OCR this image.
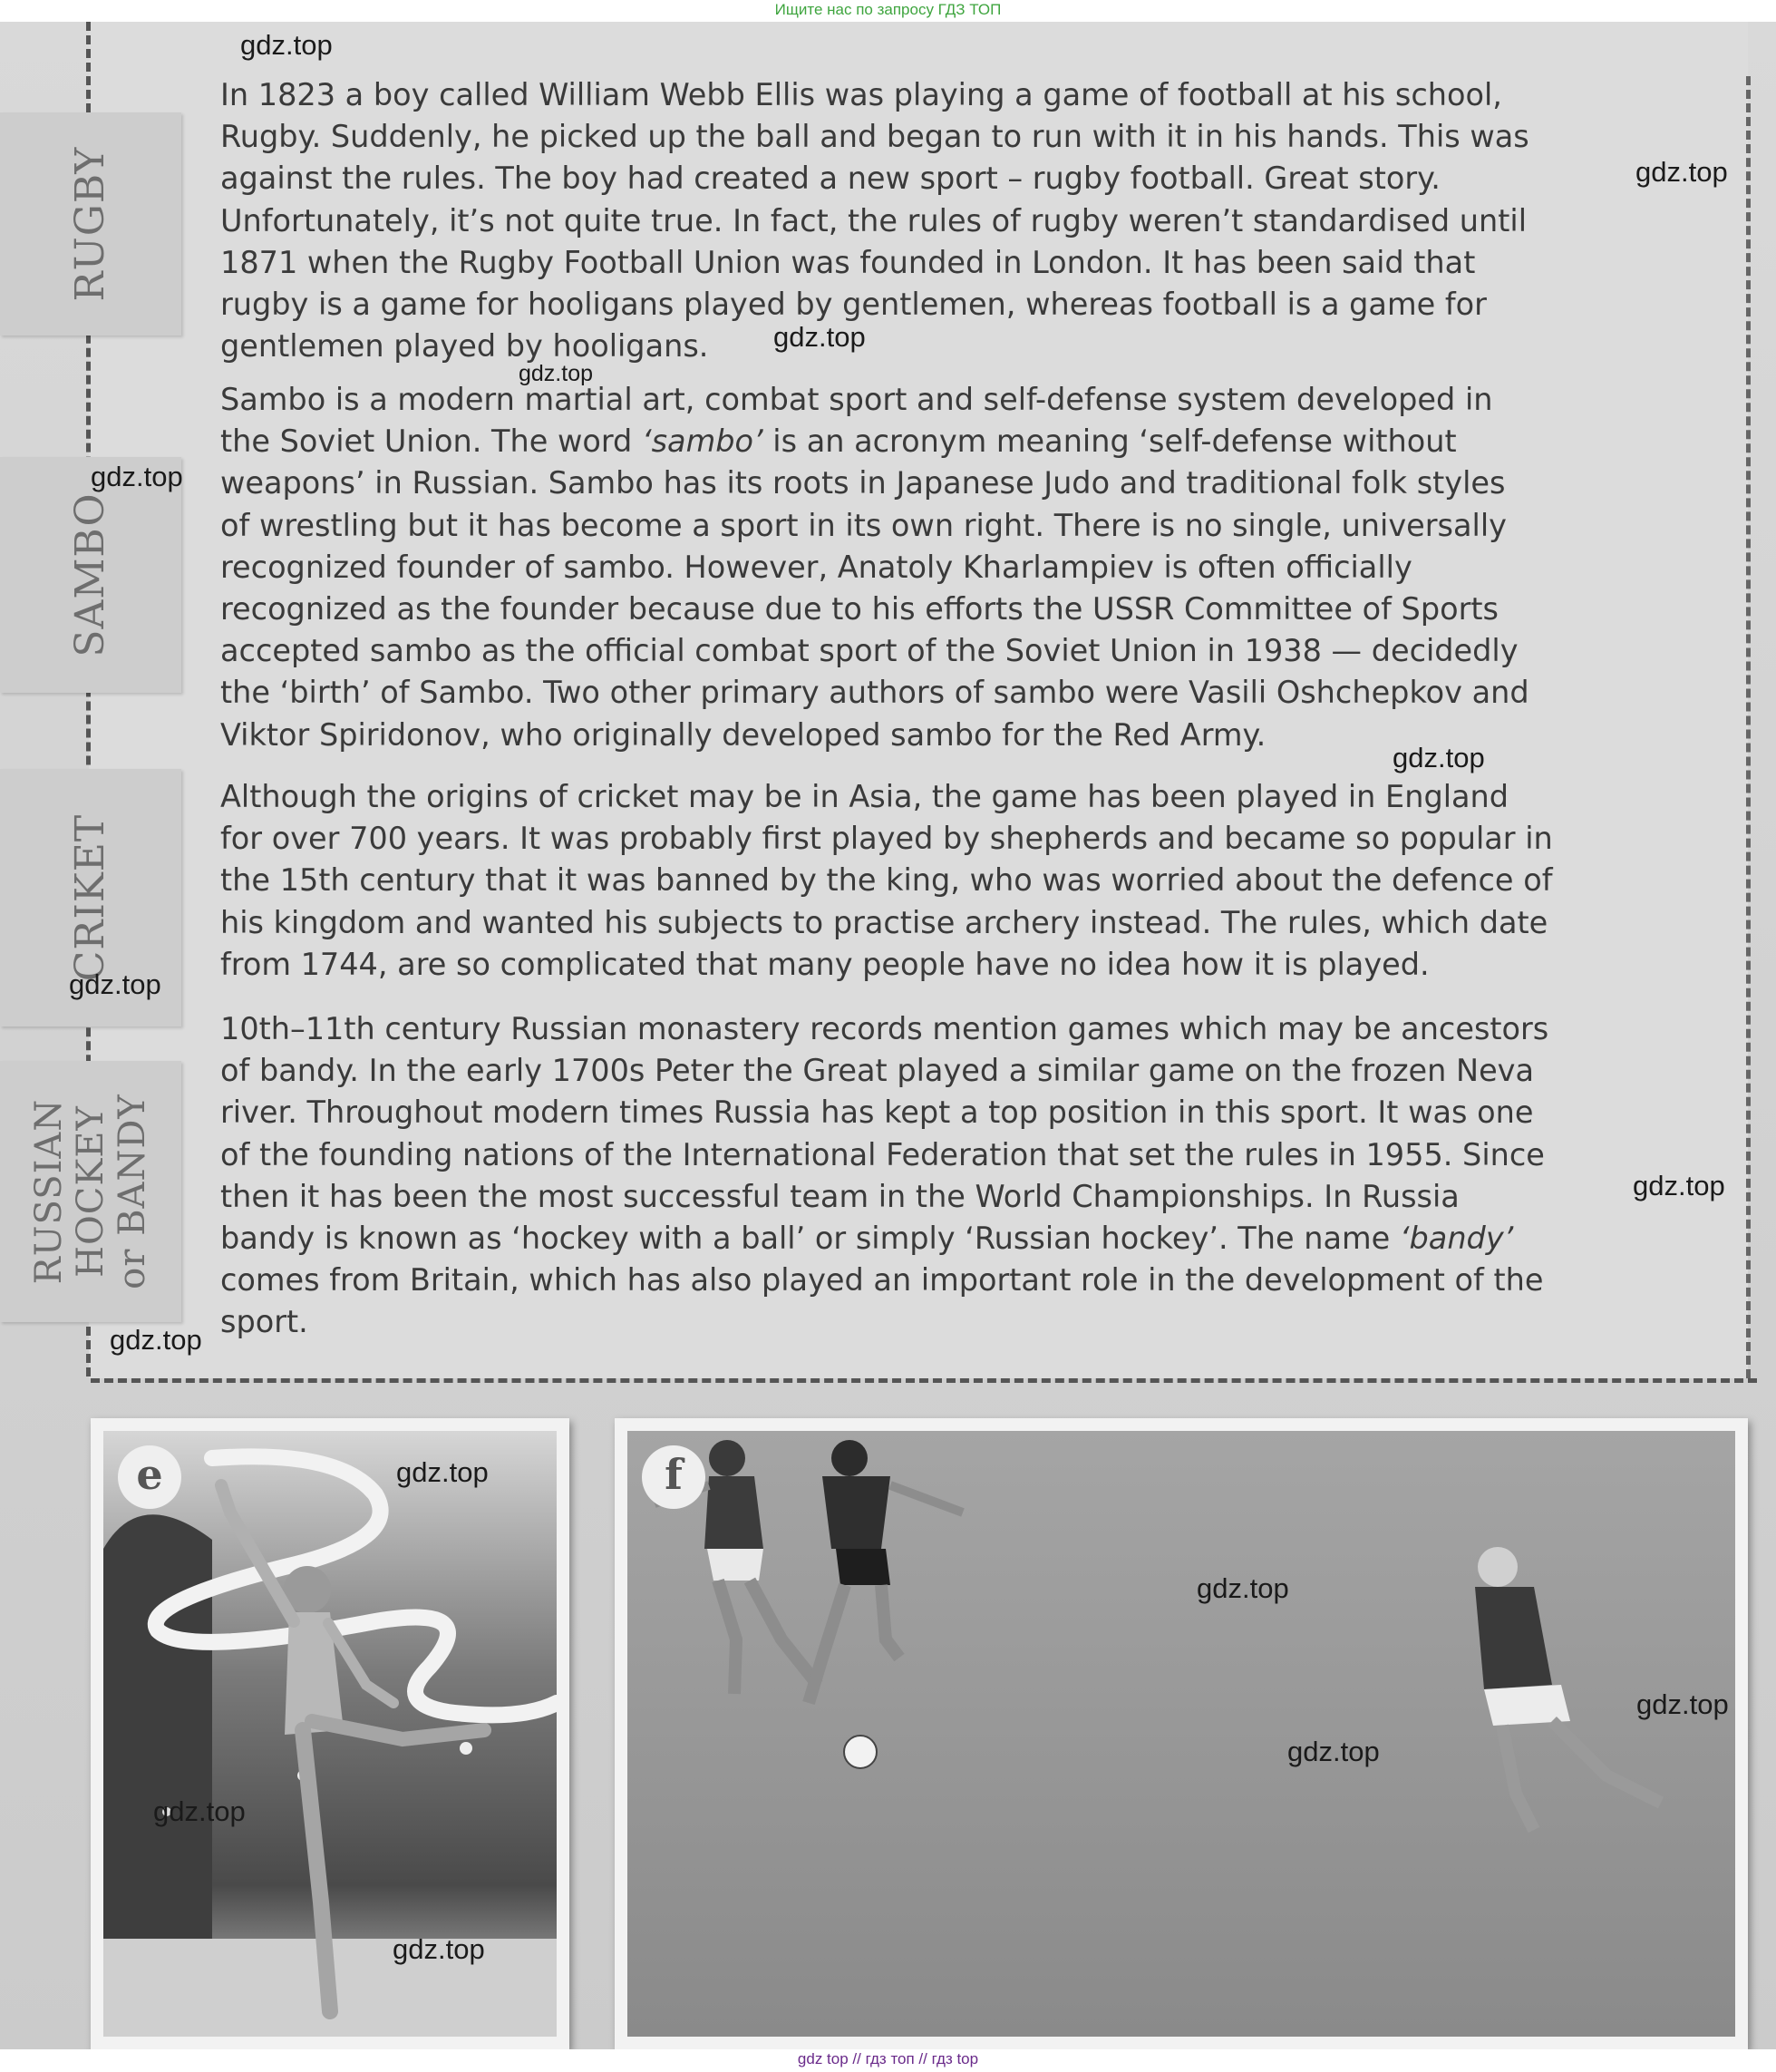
Ищите нас по запросу ГДЗ ТОП
RUGBY
SAMBO
CRIKET
RUSSIAN HOCKEY or BANDY

In 1823 a boy called William Webb Ellis was playing a game of football at his school,
Rugby. Suddenly, he picked up the ball and began to run with it in his hands. This was
against the rules. The boy had created a new sport – rugby football. Great story.
Unfortunately, it’s not quite true. In fact, the rules of rugby weren’t standardised until
1871 when the Rugby Football Union was founded in London. It has been said that
rugby is a game for hooligans played by gentlemen, whereas football is a game for
gentlemen played by hooligans.

Sambo is a modern martial art, combat sport and self-defense system developed in
the Soviet Union. The word ‘sambo’ is an acronym meaning ‘self-defense without
weapons’ in Russian. Sambo has its roots in Japanese Judo and traditional folk styles
of wrestling but it has become a sport in its own right. There is no single, universally
recognized founder of sambo. However, Anatoly Kharlampiev is often officially
recognized as the founder because due to his efforts the USSR Committee of Sports
accepted sambo as the official combat sport of the Soviet Union in 1938 — decidedly
the ‘birth’ of Sambo. Two other primary authors of sambo were Vasili Oshchepkov and
Viktor Spiridonov, who originally developed sambo for the Red Army.

Although the origins of cricket may be in Asia, the game has been played in England
for over 700 years. It was probably first played by shepherds and became so popular in
the 15th century that it was banned by the king, who was worried about the defence of
his kingdom and wanted his subjects to practise archery instead. The rules, which date
from 1744, are so complicated that many people have no idea how it is played.

10th–11th century Russian monastery records mention games which may be ancestors
of bandy. In the early 1700s Peter the Great played a similar game on the frozen Neva
river. Throughout modern times Russia has kept a top position in this sport. It was one
of the founding nations of the International Federation that set the rules in 1955. Since
then it has been the most successful team in the World Championships. In Russia
bandy is known as ‘hockey with a ball’ or simply ‘Russian hockey’. The name ‘bandy’
comes from Britain, which has also played an important role in the development of the
sport.

e	f
gdz.top
gdz.top
gdz.top
gdz.top
gdz.top
gdz.top
gdz.top
gdz.top
gdz.top
gdz.top
gdz.top
gdz.top
gdz.top
gdz.top
gdz.top
gdz top // гдз топ // гдз top
